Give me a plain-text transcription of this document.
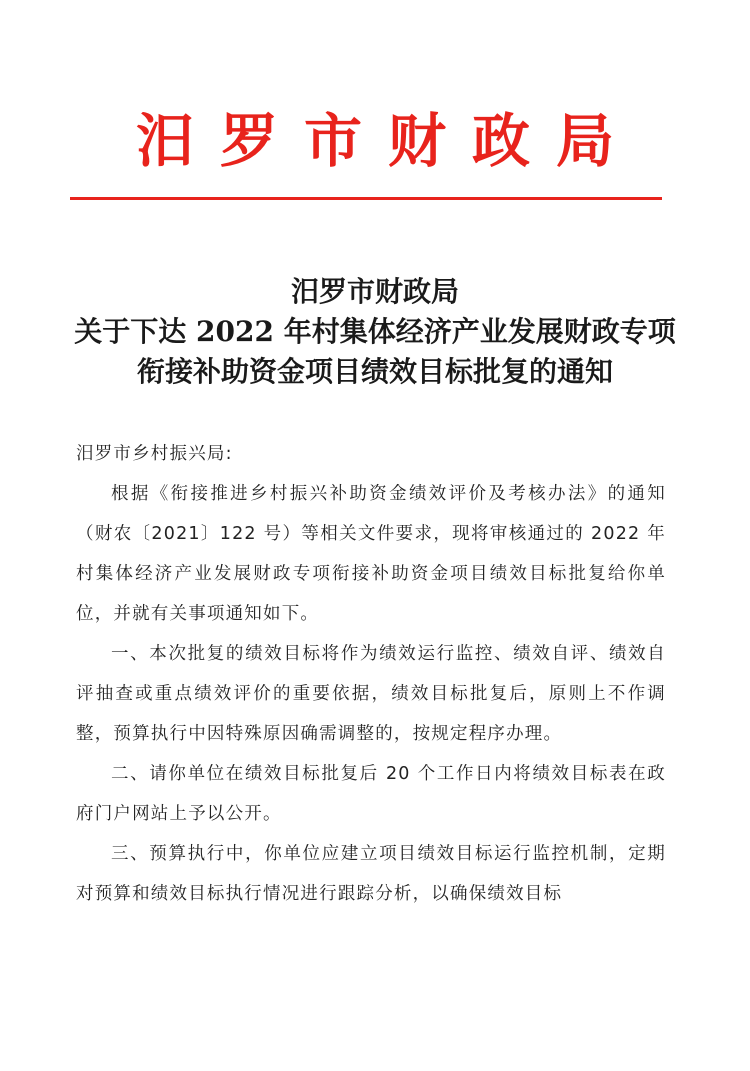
汨罗市财政局
汨罗市财政局
关于下达 2022 年村集体经济产业发展财政专项
衔接补助资金项目绩效目标批复的通知

汨罗市乡村振兴局:

根据《衔接推进乡村振兴补助资金绩效评价及考核办法》的通知（财农〔2021〕122 号）等相关文件要求，现将审核通过的 2022 年村集体经济产业发展财政专项衔接补助资金项目绩效目标批复给你单位，并就有关事项通知如下。

一、本次批复的绩效目标将作为绩效运行监控、绩效自评、绩效自评抽查或重点绩效评价的重要依据，绩效目标批复后，原则上不作调整，预算执行中因特殊原因确需调整的，按规定程序办理。

二、请你单位在绩效目标批复后 20 个工作日内将绩效目标表在政府门户网站上予以公开。

三、预算执行中，你单位应建立项目绩效目标运行监控机制，定期对预算和绩效目标执行情况进行跟踪分析，以确保绩效目标
